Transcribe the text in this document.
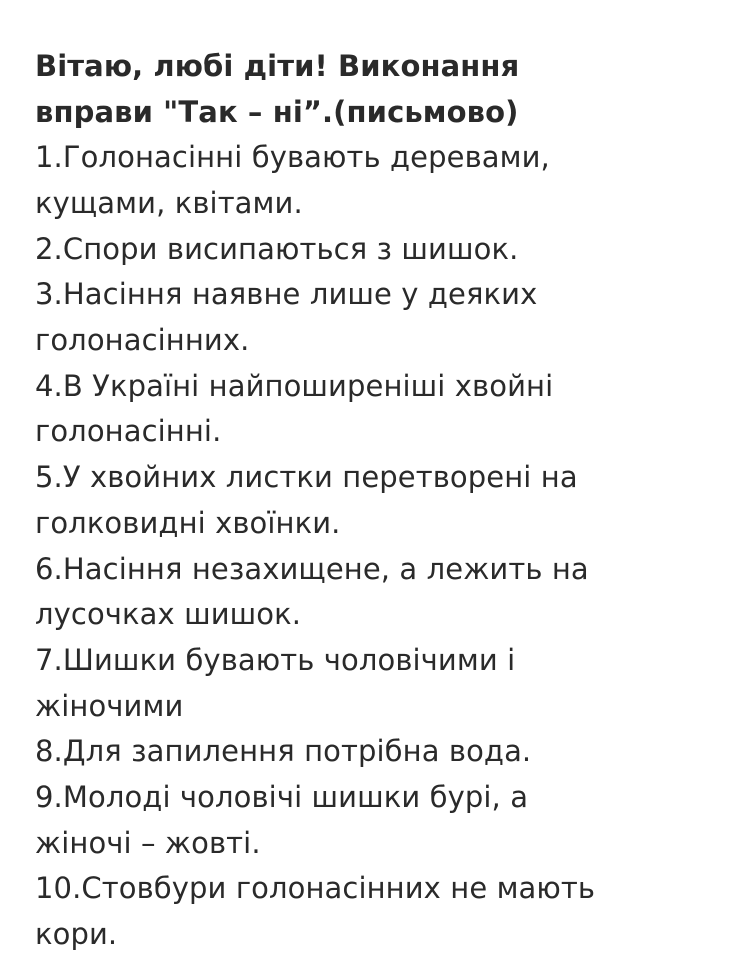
Вітаю, любі діти! Виконання
вправи "Так – ні”.(письмово)
1.Голонасінні бувають деревами,
кущами, квітами.
2.Спори висипаються з шишок.
3.Насіння наявне лише у деяких
голонасінних.
4.В Україні найпоширеніші хвойні
голонасінні.
5.У хвойних листки перетворені на
голковидні хвоїнки.
6.Насіння незахищене, а лежить на
лусочках шишок.
7.Шишки бувають чоловічими і
жіночими
8.Для запилення потрібна вода.
9.Молоді чоловічі шишки бурі, а
жіночі – жовті.
10.Стовбури голонасінних не мають
кори.
